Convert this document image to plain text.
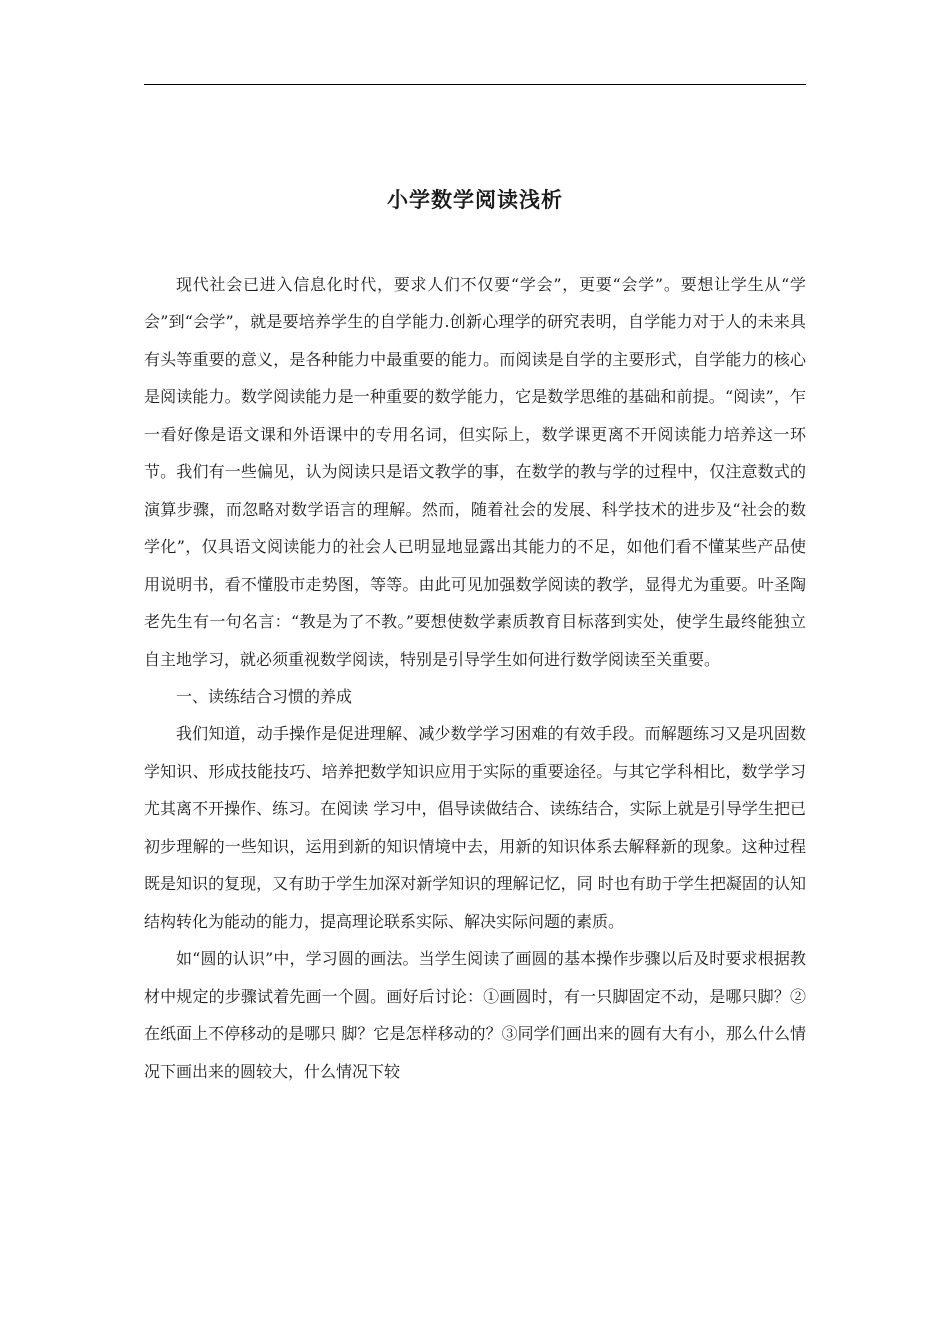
小学数学阅读浅析

现代社会已进入信息化时代，要求人们不仅要“学会”，更要“会学”。要想让学生从“学会”到“会学”，就是要培养学生的自学能力.创新心理学的研究表明，自学能力对于人的未来具有头等重要的意义，是各种能力中最重要的能力。而阅读是自学的主要形式，自学能力的核心是阅读能力。数学阅读能力是一种重要的数学能力，它是数学思维的基础和前提。“阅读”，乍一看好像是语文课和外语课中的专用名词，但实际上，数学课更离不开阅读能力培养这一环节。我们有一些偏见，认为阅读只是语文教学的事，在数学的教与学的过程中，仅注意数式的演算步骤，而忽略对数学语言的理解。然而，随着社会的发展、科学技术的进步及“社会的数学化”，仅具语文阅读能力的社会人已明显地显露出其能力的不足，如他们看不懂某些产品使用说明书，看不懂股市走势图，等等。由此可见加强数学阅读的教学，显得尤为重要。叶圣陶老先生有一句名言：“教是为了不教。”要想使数学素质教育目标落到实处，使学生最终能独立自主地学习，就必须重视数学阅读，特别是引导学生如何进行数学阅读至关重要。

一、读练结合习惯的养成

我们知道，动手操作是促进理解、减少数学学习困难的有效手段。而解题练习又是巩固数学知识、形成技能技巧、培养把数学知识应用于实际的重要途径。与其它学科相比，数学学习尤其离不开操作、练习。在阅读 学习中，倡导读做结合、读练结合，实际上就是引导学生把已初步理解的一些知识，运用到新的知识情境中去，用新的知识体系去解释新的现象。这种过程既是知识的复现，又有助于学生加深对新学知识的理解记忆，同 时也有助于学生把凝固的认知结构转化为能动的能力，提高理论联系实际、解决实际问题的素质。

如“圆的认识”中，学习圆的画法。当学生阅读了画圆的基本操作步骤以后及时要求根据教材中规定的步骤试着先画一个圆。画好后讨论：①画圆时，有一只脚固定不动，是哪只脚？②在纸面上不停移动的是哪只 脚？它是怎样移动的？③同学们画出来的圆有大有小，那么什么情况下画出来的圆较大，什么情况下较
